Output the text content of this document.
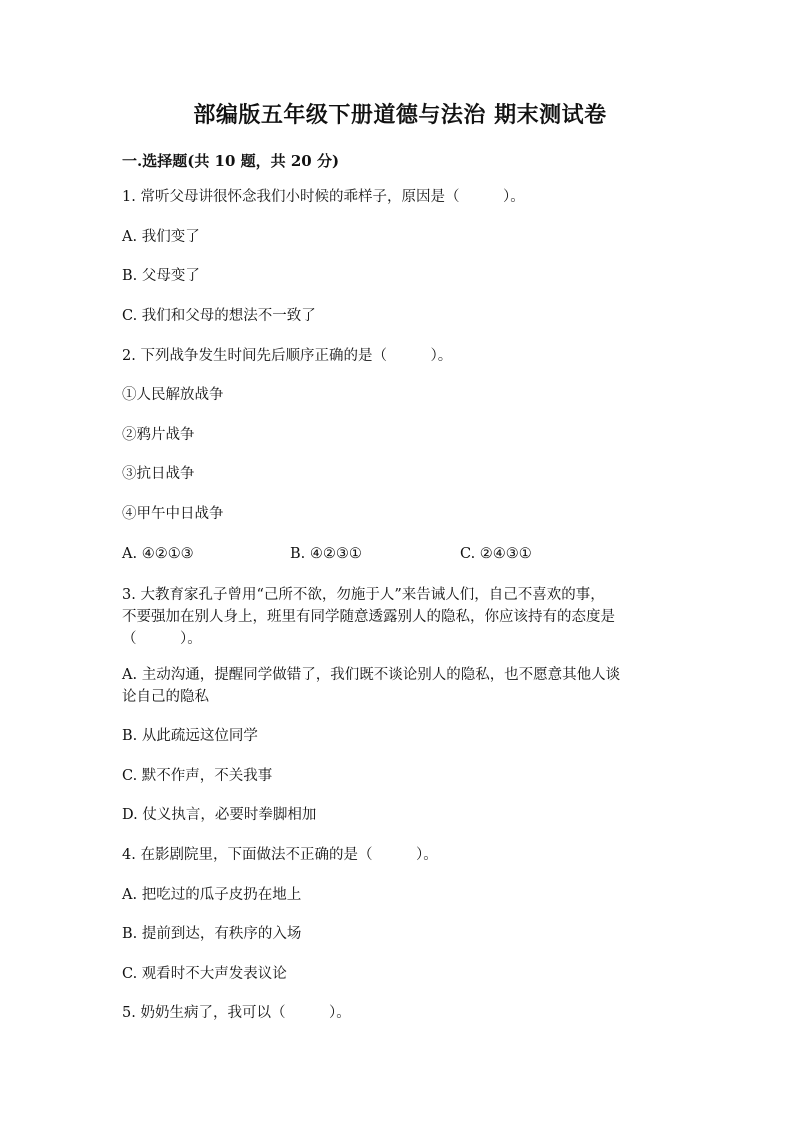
部编版五年级下册道德与法治 期末测试卷
一.选择题(共 10 题，共 20 分)
1. 常听父母讲很怀念我们小时候的乖样子，原因是（　　　）。
A. 我们变了
B. 父母变了
C. 我们和父母的想法不一致了
2. 下列战争发生时间先后顺序正确的是（　　　）。
①人民解放战争
②鸦片战争
③抗日战争
④甲午中日战争
A. ④②①③	B. ④②③①	C. ②④③①
3. 大教育家孔子曾用“己所不欲，勿施于人”来告诫人们，自己不喜欢的事，
不要强加在别人身上，班里有同学随意透露别人的隐私，你应该持有的态度是
（　　　）。
A. 主动沟通，提醒同学做错了，我们既不谈论别人的隐私，也不愿意其他人谈
论自己的隐私
B. 从此疏远这位同学
C. 默不作声，不关我事
D. 仗义执言，必要时拳脚相加
4. 在影剧院里，下面做法不正确的是（　　　）。
A. 把吃过的瓜子皮扔在地上
B. 提前到达，有秩序的入场
C. 观看时不大声发表议论
5. 奶奶生病了，我可以（　　　）。
